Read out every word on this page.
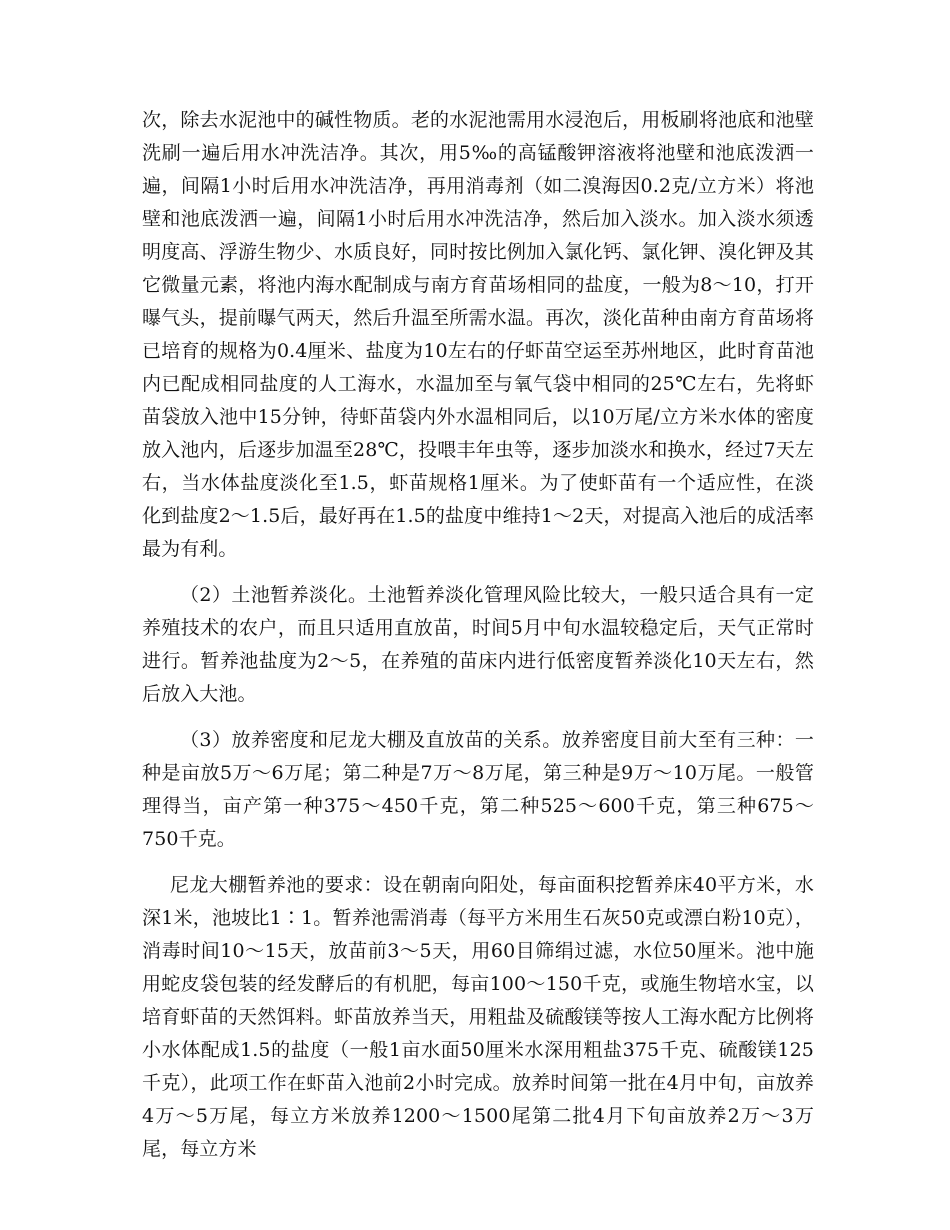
次，除去水泥池中的碱性物质。老的水泥池需用水浸泡后，用板刷将池底和池壁洗刷一遍后用水冲洗洁净。其次，用5‰的高锰酸钾溶液将池壁和池底泼洒一遍，间隔1小时后用水冲洗洁净，再用消毒剂（如二溴海因0.2克/立方米）将池壁和池底泼洒一遍，间隔1小时后用水冲洗洁净，然后加入淡水。加入淡水须透明度高、浮游生物少、水质良好，同时按比例加入氯化钙、氯化钾、溴化钾及其它微量元素，将池内海水配制成与南方育苗场相同的盐度，一般为8～10，打开曝气头，提前曝气两天，然后升温至所需水温。再次，淡化苗种由南方育苗场将已培育的规格为0.4厘米、盐度为10左右的仔虾苗空运至苏州地区，此时育苗池内已配成相同盐度的人工海水，水温加至与氧气袋中相同的25℃左右，先将虾苗袋放入池中15分钟，待虾苗袋内外水温相同后，以10万尾/立方米水体的密度放入池内，后逐步加温至28℃，投喂丰年虫等，逐步加淡水和换水，经过7天左右，当水体盐度淡化至1.5，虾苗规格1厘米。为了使虾苗有一个适应性，在淡化到盐度2～1.5后，最好再在1.5的盐度中维持1～2天，对提高入池后的成活率最为有利。

（2）土池暂养淡化。土池暂养淡化管理风险比较大，一般只适合具有一定养殖技术的农户，而且只适用直放苗，时间5月中旬水温较稳定后，天气正常时进行。暂养池盐度为2～5，在养殖的苗床内进行低密度暂养淡化10天左右，然后放入大池。

（3）放养密度和尼龙大棚及直放苗的关系。放养密度目前大至有三种：一种是亩放5万～6万尾；第二种是7万～8万尾，第三种是9万～10万尾。一般管理得当，亩产第一种375～450千克，第二种525～600千克，第三种675～750千克。

尼龙大棚暂养池的要求：设在朝南向阳处，每亩面积挖暂养床40平方米，水深1米，池坡比1∶1。暂养池需消毒（每平方米用生石灰50克或漂白粉10克），消毒时间10～15天，放苗前3～5天，用60目筛绢过滤，水位50厘米。池中施用蛇皮袋包装的经发酵后的有机肥，每亩100～150千克，或施生物培水宝，以培育虾苗的天然饵料。虾苗放养当天，用粗盐及硫酸镁等按人工海水配方比例将小水体配成1.5的盐度（一般1亩水面50厘米水深用粗盐375千克、硫酸镁125千克），此项工作在虾苗入池前2小时完成。放养时间第一批在4月中旬，亩放养4万～5万尾，每立方米放养1200～1500尾第二批4月下旬亩放养2万～3万尾，每立方米
